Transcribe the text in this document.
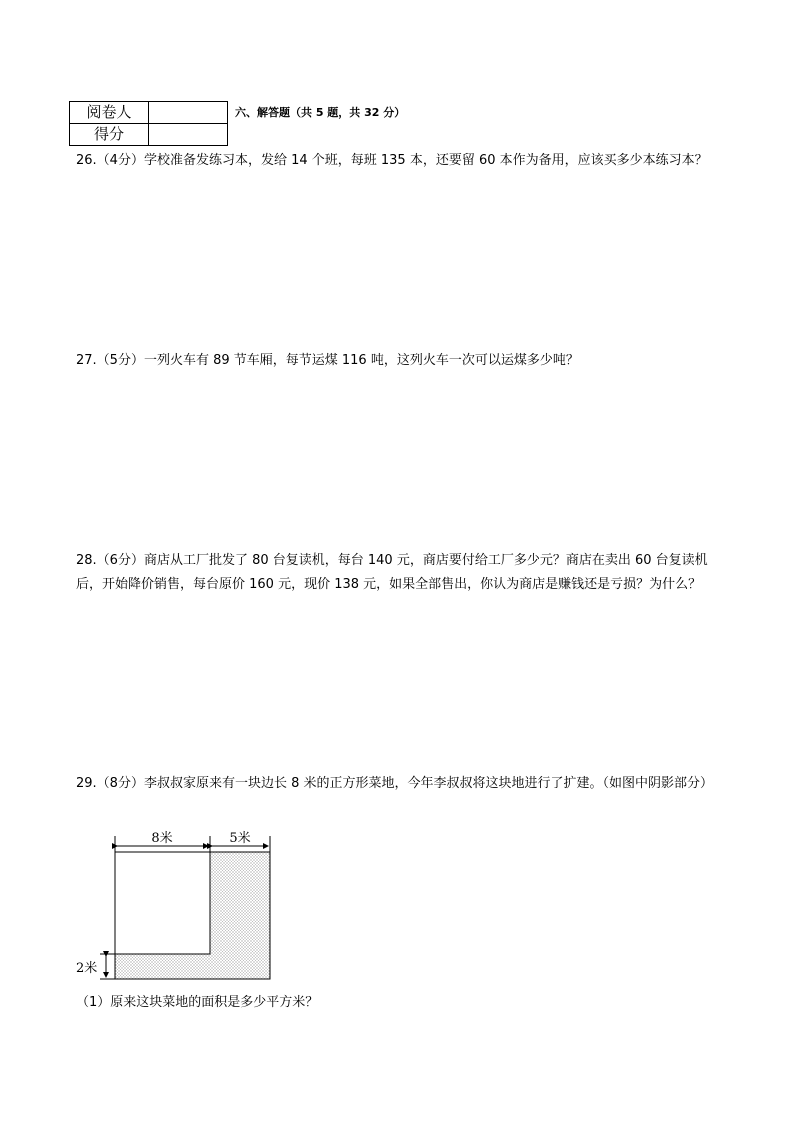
阅卷人	
得分	
六、解答题（共 5 题，共 32 分）
26.（4分）学校准备发练习本，发给 14 个班，每班 135 本，还要留 60 本作为备用，应该买多少本练习本？
27.（5分）一列火车有 89 节车厢，每节运煤 116 吨，这列火车一次可以运煤多少吨？
28.（6分）商店从工厂批发了 80 台复读机，每台 140 元，商店要付给工厂多少元？商店在卖出 60 台复读机后，开始降价销售，每台原价 160 元，现价 138 元，如果全部售出，你认为商店是赚钱还是亏损？为什么？
29.（8分）李叔叔家原来有一块边长 8 米的正方形菜地，今年李叔叔将这块地进行了扩建。（如图中阴影部分）
8米	5米
2米
（1）原来这块菜地的面积是多少平方米？
